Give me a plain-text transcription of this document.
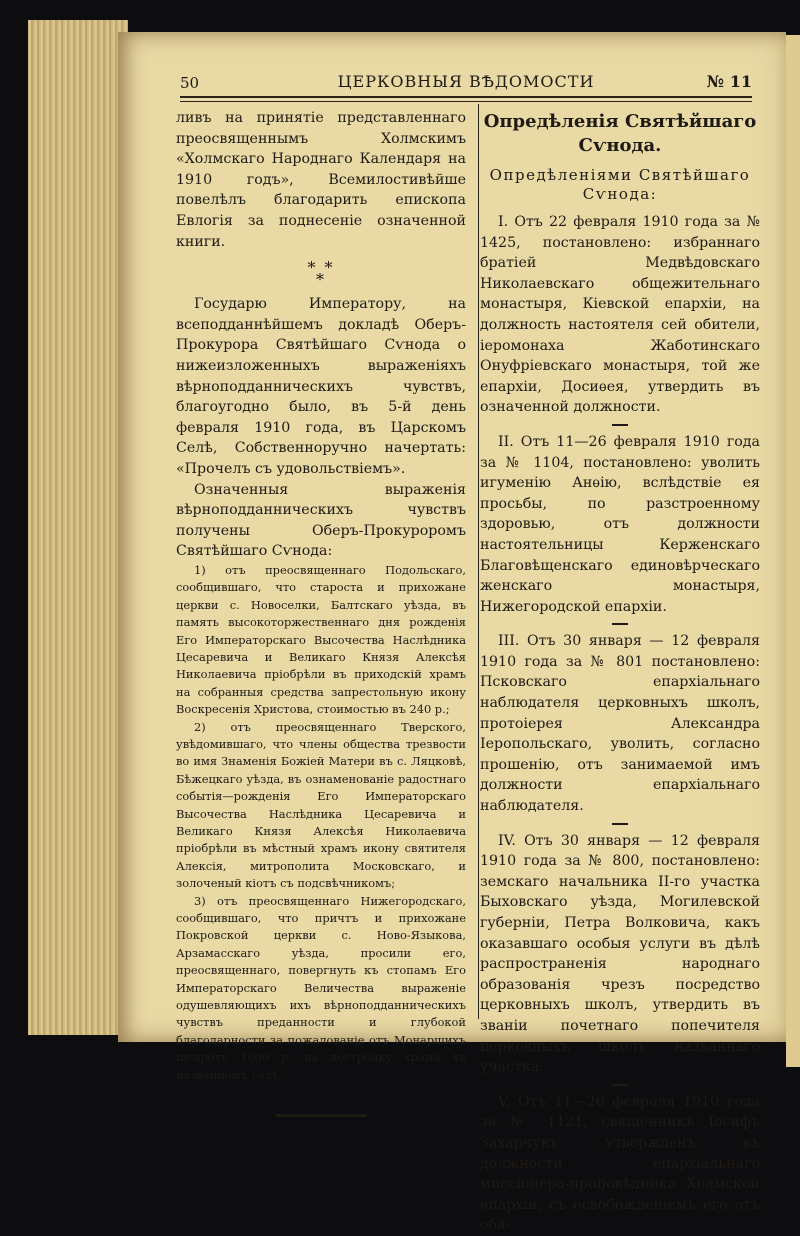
50	ЦЕРКОВНЫЯ ВѢДОМОСТИ	№ 11

ливъ на принятіе представленнаго преосвященнымъ Холмскимъ «Холмскаго Народнаго Календаря на 1910 годъ», Всемилостивѣйше повелѣлъ благодарить епископа Евлогія за поднесеніе означенной книги.

* *
*

Государю Императору, на всеподданнѣйшемъ докладѣ Оберъ-Прокурора Святѣйшаго Сѵнода о нижеизложенныхъ выраженіяхъ вѣрноподданническихъ чувствъ, благоугодно было, въ 5-й день февраля 1910 года, въ Царскомъ Селѣ, Собственноручно начертать: «Прочелъ съ удовольствіемъ».

Означенныя выраженія вѣрноподданническихъ чувствъ получены Оберъ-Прокуроромъ Святѣйшаго Сѵнода:

1) отъ преосвященнаго Подольскаго, сообщившаго, что староста и прихожане церкви с. Новоселки, Балтскаго уѣзда, въ память высокоторжественнаго дня рожденія Его Императорскаго Высочества Наслѣдника Цесаревича и Великаго Князя Алексѣя Николаевича пріобрѣли въ приходскій храмъ на собранныя средства запрестольную икону Воскресенія Христова, стоимостью въ 240 р.;

2) отъ преосвященнаго Тверского, увѣдомившаго, что члены общества трезвости во имя Знаменія Божіей Матери въ с. Ляцковѣ, Бѣжецкаго уѣзда, въ ознаменованіе радостнаго событія—рожденія Его Императорскаго Высочества Наслѣдника Цесаревича и Великаго Князя Алексѣя Николаевича пріобрѣли въ мѣстный храмъ икону святителя Алексія, митрополита Московскаго, и золоченый кіотъ съ подсвѣчникомъ;

3) отъ преосвященнаго Нижегородскаго, сообщившаго, что причтъ и прихожане Покровской церкви с. Ново-Языкова, Арзамасскаго уѣзда, просили его, преосвященнаго, повергнуть къ стопамъ Его Императорскаго Величества выраженіе одушевляющихъ ихъ вѣрноподданническихъ чувствъ преданности и глубокой благодарности за пожалованіе отъ Монаршихъ щедротъ 1000 р. на достройку храма въ названномъ селѣ.

Опредѣленія Святѣйшаго Сѵнода.
Опредѣленіями Святѣйшаго Сѵнода:

I. Отъ 22 февраля 1910 года за № 1425, постановлено: избраннаго братіей Медвѣдовскаго Николаевскаго общежительнаго монастыря, Кіевской епархіи, на должность настоятеля сей обители, іеромонаха Жаботинскаго Онуфріевскаго монастыря, той же епархіи, Досиѳея, утвердить въ означенной должности.

II. Отъ 11—26 февраля 1910 года за № 1104, постановлено: уволить игуменію Анѳію, вслѣдствіе ея просьбы, по разстроенному здоровью, отъ должности настоятельницы Керженскаго Благовѣщенскаго единовѣрческаго женскаго монастыря, Нижегородской епархіи.

III. Отъ 30 января — 12 февраля 1910 года за № 801 постановлено: Псковскаго епархіальнаго наблюдателя церковныхъ школъ, протоіерея Александра Іеропольскаго, уволить, согласно прошенію, отъ занимаемой имъ должности епархіальнаго наблюдателя.

IV. Отъ 30 января — 12 февраля 1910 года за № 800, постановлено: земскаго начальника II-го участка Быховскаго уѣзда, Могилевской губерніи, Петра Волковича, какъ оказавшаго особыя услуги въ дѣлѣ распространенія народнаго образованія чрезъ посредство церковныхъ школъ, утвердить въ званіи почетнаго попечителя церковныхъ школъ названнаго участка.

V. Отъ 11—26 февраля 1910 года за № 1121, священникъ Іосифъ Захарчукъ утвержденъ въ должности епархіальнаго миссіонера-проповѣдника Холмской епархіи, съ освобожденіемъ его отъ обя-
